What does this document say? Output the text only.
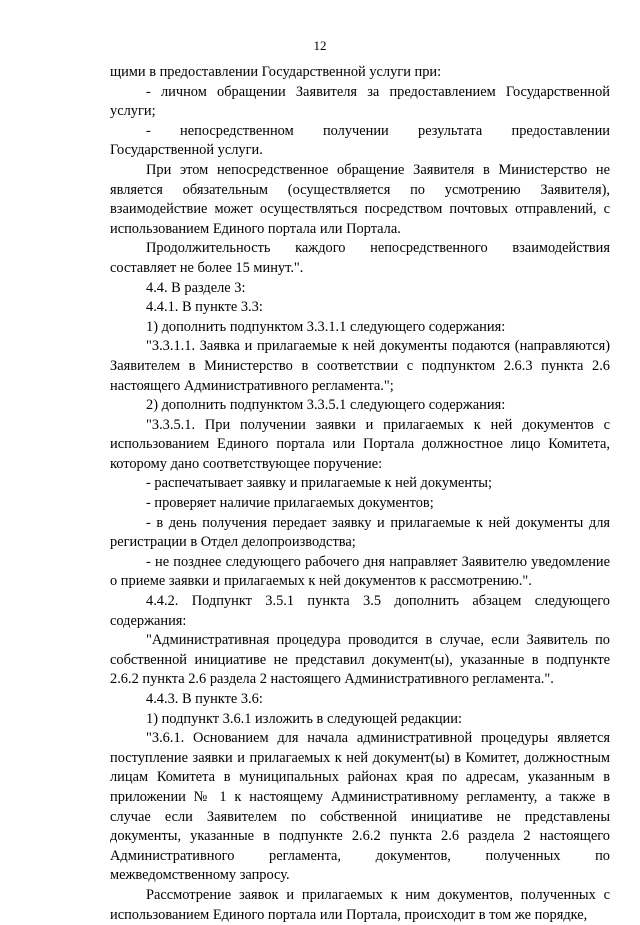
12

щими в предоставлении Государственной услуги при:

- личном обращении Заявителя за предоставлением Государственной услуги;

- непосредственном получении результата предоставлении Государственной услуги.

При этом непосредственное обращение Заявителя в Министерство не является обязательным (осуществляется по усмотрению Заявителя), взаимодействие может осуществляться посредством почтовых отправлений, с использованием Единого портала или Портала.

Продолжительность каждого непосредственного взаимодействия составляет не более 15 минут.".

4.4. В разделе 3:

4.4.1. В пункте 3.3:

1) дополнить подпунктом 3.3.1.1 следующего содержания:

"3.3.1.1. Заявка и прилагаемые к ней документы подаются (направляются) Заявителем в Министерство в соответствии с подпунктом 2.6.3 пункта 2.6 настоящего Административного регламента.";

2) дополнить подпунктом 3.3.5.1 следующего содержания:

"3.3.5.1. При получении заявки и прилагаемых к ней документов с использованием Единого портала или Портала должностное лицо Комитета, которому дано соответствующее поручение:

- распечатывает заявку и прилагаемые к ней документы;

- проверяет наличие прилагаемых документов;

- в день получения передает заявку и прилагаемые к ней документы для регистрации в Отдел делопроизводства;

- не позднее следующего рабочего дня направляет Заявителю уведомление о приеме заявки и прилагаемых к ней документов к рассмотрению.".

4.4.2. Подпункт 3.5.1 пункта 3.5 дополнить абзацем следующего содержания:

"Административная процедура проводится в случае, если Заявитель по собственной инициативе не представил документ(ы), указанные в подпункте 2.6.2 пункта 2.6 раздела 2 настоящего Административного регламента.".

4.4.3. В пункте 3.6:

1) подпункт 3.6.1 изложить в следующей редакции:

"3.6.1. Основанием для начала административной процедуры является поступление заявки и прилагаемых к ней документ(ы) в Комитет, должностным лицам Комитета в муниципальных районах края по адресам, указанным в приложении № 1 к настоящему Административному регламенту, а также в случае если Заявителем по собственной инициативе не представлены документы, указанные в подпункте 2.6.2 пункта 2.6 раздела 2 настоящего Административного регламента, документов, полученных по межведомственному запросу.

Рассмотрение заявок и прилагаемых к ним документов, полученных с использованием Единого портала или Портала, происходит в том же порядке,
